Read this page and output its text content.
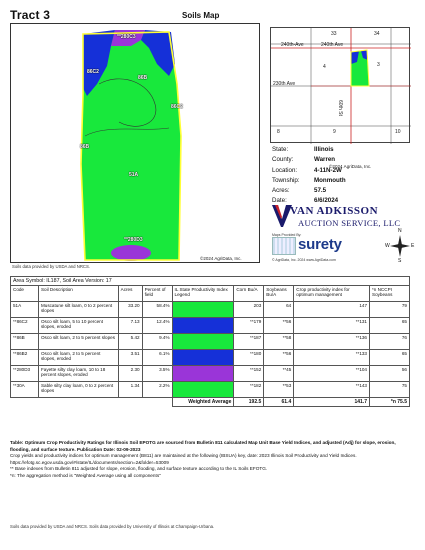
Tract 3	Soils Map
**280C3
86C2
86B
86C2
86B
51A
**280D3
Soils data provided by USDA and NRCS.
©2024 AgriData, Inc.
33	34
4	3
8	9	10
240th-Ave	240th Ave
230th Ave
60th St
©2024 AgriData, Inc.
State:	Illinois
County:	Warren
Location:	4-11N-2W
Township:	Monmouth
Acres:	57.5
Date:	6/6/2024
VAN ADKISSON
AUCTION SERVICE, LLC
Maps Provided By:
surety
© AgriData, Inc. 2024 www.AgriData.com
N
W	E
S
Area Symbol: IL187, Soil Area Version: 17								
Code	Soil Description	Acres	Percent of field	IL State Productivity Index Legend	Corn Bu/A	Soybeans Bu/A	Crop productivity index for optimum management	*n NCCPI Soybeans
51A	Muscatune silt loam, 0 to 2 percent slopes	33.20	58.4%		203	64	147	79
**86C2	Osco silt loam, 5 to 10 percent slopes, eroded	7.13	12.4%		**179	**56	**131	65
**86B	Osco silt loam, 2 to 5 percent slopes	5.42	9.4%		**187	**58	**136	76
**86B2	Osco silt loam, 2 to 5 percent slopes, eroded	3.51	6.1%		**180	**56	**133	65
**280D3	Fayette silty clay loam, 10 to 18 percent slopes, eroded	2.30	3.5%		**152	**45	**104	56
**30A	Sable silty clay loam, 0 to 2 percent slopes	1.34	2.2%		**182	**53	**143	75
				Weighted Average	192.5	61.4	141.7	*n 75.5
Table: Optimum Crop Productivity Ratings for Illinois Soil EPOTG are sourced from Bulletin 811 calculated Map Unit Base Yield Indices, and adjusted (Adj) for slope, erosion, flooding, and surface texture. Publication Date: 02-09-2023
Crop yields and productivity indices for optimum management (B811) are maintained at the following (IBSUA) key, date: 2023 Illinois Soil Productivity and Yield Indices.
https://efotg.sc.egov.usda.gov/#/state/IL/documents/section=2&folder=53009
** Base indexes from Bulletin 811 adjusted for slope, erosion, flooding, and surface texture according to the IL Soils EFOTG.
*n: The aggregation method is "Weighted Average using all components"
Soils data provided by USDA and NRCS. Soils data provided by University of Illinois at Champaign-Urbana.
